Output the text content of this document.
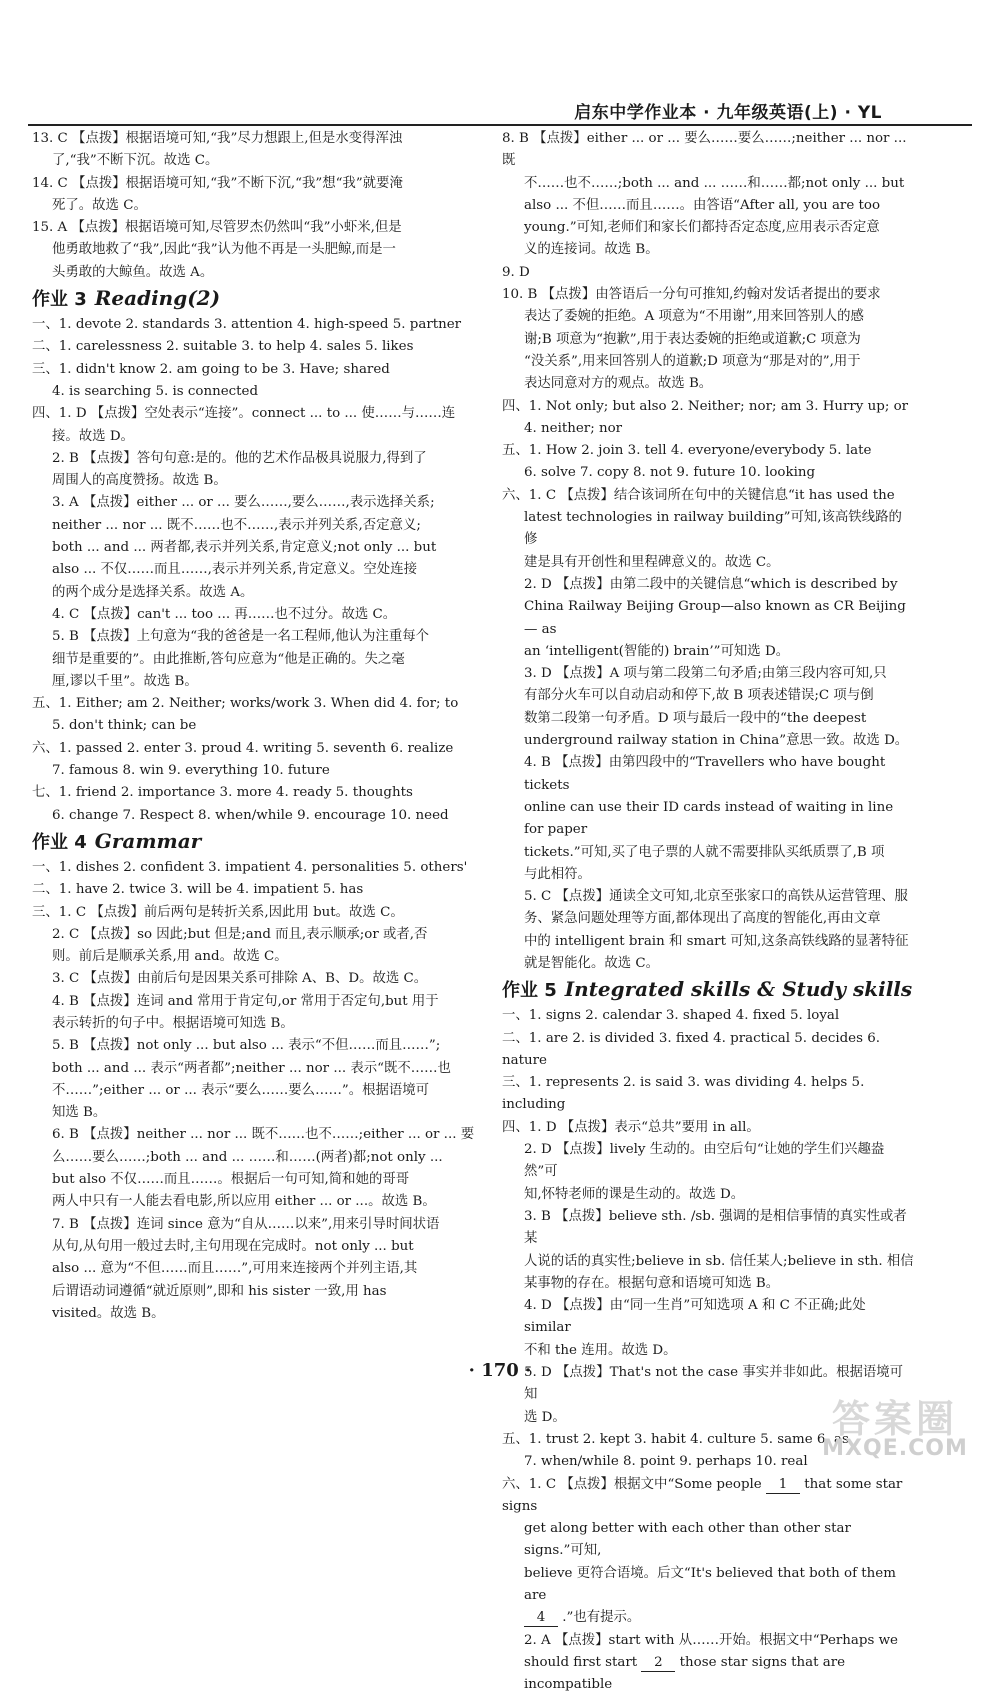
启东中学作业本 · 九年级英语(上) · YL
13. C 【点拨】根据语境可知,“我”尽力想跟上,但是水变得浑浊
了,“我”不断下沉。故选 C。
14. C 【点拨】根据语境可知,“我”不断下沉,“我”想“我”就要淹
死了。故选 C。
15. A 【点拨】根据语境可知,尽管罗杰仍然叫“我”小虾米,但是
他勇敢地救了“我”,因此“我”认为他不再是一头肥鲸,而是一
头勇敢的大鲸鱼。故选 A。
作业 3 Reading(2)
一、1. devote 2. standards 3. attention 4. high-speed 5. partner
二、1. carelessness 2. suitable 3. to help 4. sales 5. likes
三、1. didn't know 2. am going to be 3. Have; shared
4. is searching 5. is connected
四、1. D 【点拨】空处表示“连接”。connect ... to ... 使……与……连
接。故选 D。
2. B 【点拨】答句句意:是的。他的艺术作品极具说服力,得到了
周围人的高度赞扬。故选 B。
3. A 【点拨】either ... or ... 要么……,要么……,表示选择关系;
neither ... nor ... 既不……也不……,表示并列关系,否定意义;
both ... and ... 两者都,表示并列关系,肯定意义;not only ... but
also ... 不仅……而且……,表示并列关系,肯定意义。空处连接
的两个成分是选择关系。故选 A。
4. C 【点拨】can't ... too ... 再……也不过分。故选 C。
5. B 【点拨】上句意为“我的爸爸是一名工程师,他认为注重每个
细节是重要的”。由此推断,答句应意为“他是正确的。失之毫
厘,谬以千里”。故选 B。
五、1. Either; am 2. Neither; works/work 3. When did 4. for; to
5. don't think; can be
六、1. passed 2. enter 3. proud 4. writing 5. seventh 6. realize
7. famous 8. win 9. everything 10. future
七、1. friend 2. importance 3. more 4. ready 5. thoughts
6. change 7. Respect 8. when/while 9. encourage 10. need
作业 4 Grammar
一、1. dishes 2. confident 3. impatient 4. personalities 5. others'
二、1. have 2. twice 3. will be 4. impatient 5. has
三、1. C 【点拨】前后两句是转折关系,因此用 but。故选 C。
2. C 【点拨】so 因此;but 但是;and 而且,表示顺承;or 或者,否
则。前后是顺承关系,用 and。故选 C。
3. C 【点拨】由前后句是因果关系可排除 A、B、D。故选 C。
4. B 【点拨】连词 and 常用于肯定句,or 常用于否定句,but 用于
表示转折的句子中。根据语境可知选 B。
5. B 【点拨】not only ... but also ... 表示“不但……而且……”;
both ... and ... 表示“两者都”;neither ... nor ... 表示“既不……也
不……”;either ... or ... 表示“要么……要么……”。根据语境可
知选 B。
6. B 【点拨】neither ... nor ... 既不……也不……;either ... or ... 要
么……要么……;both ... and ... ……和……(两者)都;not only ...
but also 不仅……而且……。根据后一句可知,简和她的哥哥
两人中只有一人能去看电影,所以应用 either ... or ...。故选 B。
7. B 【点拨】连词 since 意为“自从……以来”,用来引导时间状语
从句,从句用一般过去时,主句用现在完成时。not only ... but
also ... 意为“不但……而且……”,可用来连接两个并列主语,其
后谓语动词遵循“就近原则”,即和 his sister 一致,用 has
visited。故选 B。
8. B 【点拨】either ... or ... 要么……要么……;neither ... nor ... 既
不……也不……;both ... and ... ……和……都;not only ... but
also ... 不但……而且……。由答语“After all, you are too
young.”可知,老师们和家长们都持否定态度,应用表示否定意
义的连接词。故选 B。
9. D
10. B 【点拨】由答语后一分句可推知,约翰对发话者提出的要求
表达了委婉的拒绝。A 项意为“不用谢”,用来回答别人的感
谢;B 项意为“抱歉”,用于表达委婉的拒绝或道歉;C 项意为
“没关系”,用来回答别人的道歉;D 项意为“那是对的”,用于
表达同意对方的观点。故选 B。
四、1. Not only; but also 2. Neither; nor; am 3. Hurry up; or
4. neither; nor
五、1. How 2. join 3. tell 4. everyone/everybody 5. late
6. solve 7. copy 8. not 9. future 10. looking
六、1. C 【点拨】结合该词所在句中的关键信息“it has used the
latest technologies in railway building”可知,该高铁线路的修
建是具有开创性和里程碑意义的。故选 C。
2. D 【点拨】由第二段中的关键信息“which is described by
China Railway Beijing Group—also known as CR Beijing— as
an ‘intelligent(智能的) brain’”可知选 D。
3. D 【点拨】A 项与第二段第二句矛盾;由第三段内容可知,只
有部分火车可以自动启动和停下,故 B 项表述错误;C 项与倒
数第二段第一句矛盾。D 项与最后一段中的“the deepest
underground railway station in China”意思一致。故选 D。
4. B 【点拨】由第四段中的“Travellers who have bought tickets
online can use their ID cards instead of waiting in line for paper
tickets.”可知,买了电子票的人就不需要排队买纸质票了,B 项
与此相符。
5. C 【点拨】通读全文可知,北京至张家口的高铁从运营管理、服
务、紧急问题处理等方面,都体现出了高度的智能化,再由文章
中的 intelligent brain 和 smart 可知,这条高铁线路的显著特征
就是智能化。故选 C。
作业 5 Integrated skills & Study skills
一、1. signs 2. calendar 3. shaped 4. fixed 5. loyal
二、1. are 2. is divided 3. fixed 4. practical 5. decides 6. nature
三、1. represents 2. is said 3. was dividing 4. helps 5. including
四、1. D 【点拨】表示“总共”要用 in all。
2. D 【点拨】lively 生动的。由空后句“让她的学生们兴趣盎然”可
知,怀特老师的课是生动的。故选 D。
3. B 【点拨】believe sth. /sb. 强调的是相信事情的真实性或者某
人说的话的真实性;believe in sb. 信任某人;believe in sth. 相信
某事物的存在。根据句意和语境可知选 B。
4. D 【点拨】由“同一生肖”可知选项 A 和 C 不正确;此处 similar
不和 the 连用。故选 D。
5. D 【点拨】That's not the case 事实并非如此。根据语境可知
选 D。
五、1. trust 2. kept 3. habit 4. culture 5. same 6. as
7. when/while 8. point 9. perhaps 10. real
六、1. C 【点拨】根据文中“Some people 1 that some star signs
get along better with each other than other star signs.”可知,
believe 更符合语境。后文“It's believed that both of them are
4 .”也有提示。
2. A 【点拨】start with 从……开始。根据文中“Perhaps we
should first start 2 those star signs that are incompatible
· 170 ·
答案圈
MXQE.COM
